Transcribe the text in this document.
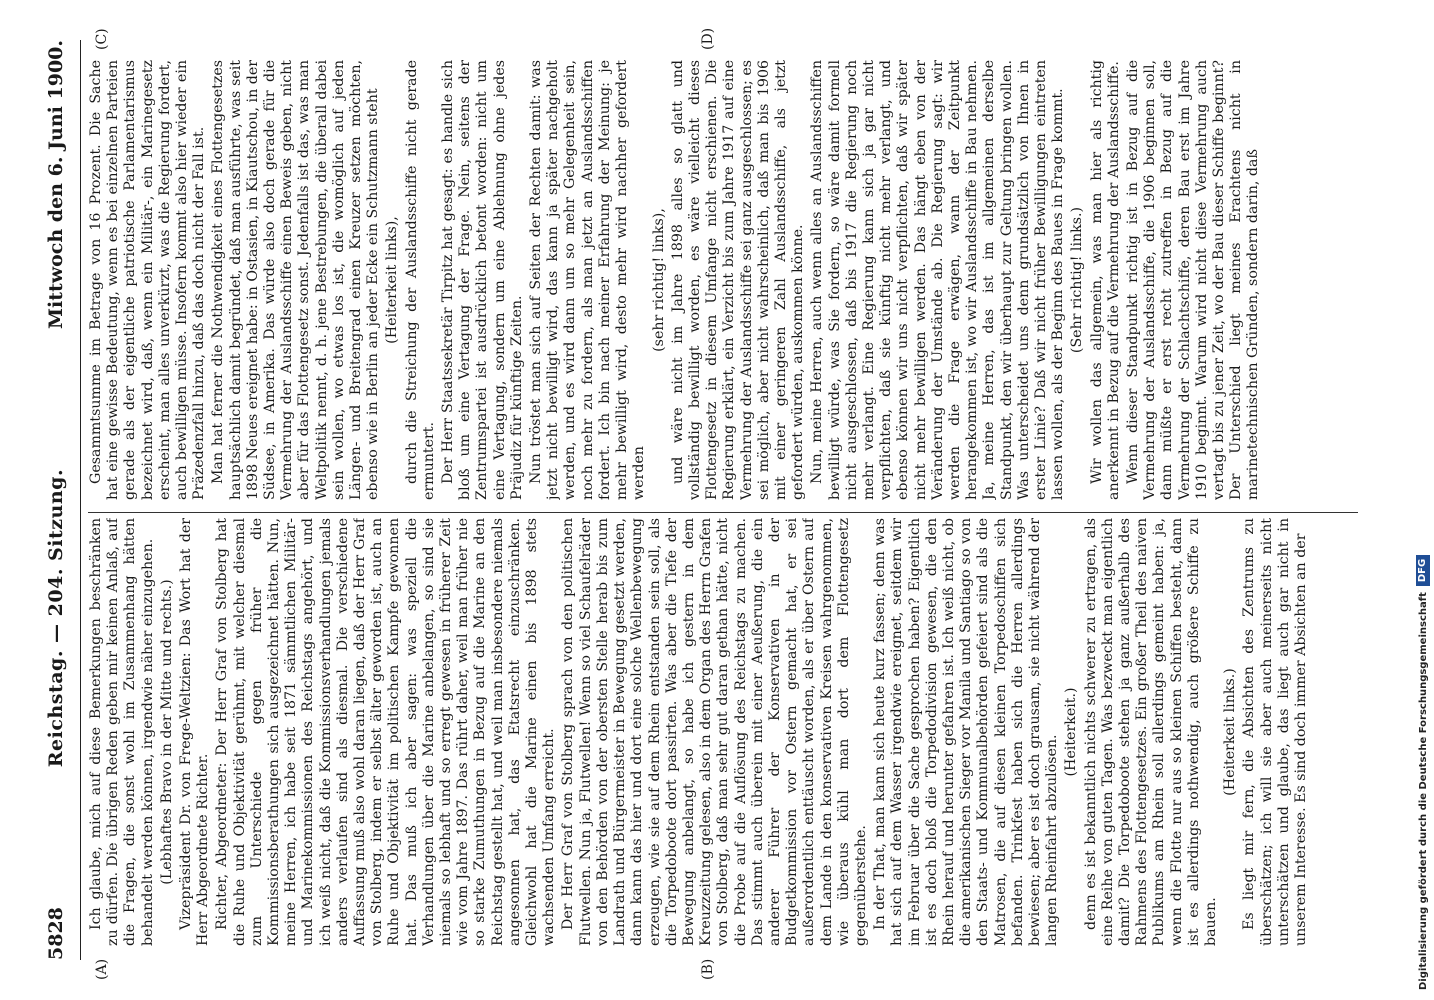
5828
Reichstag. — 204. Sitzung.
Mittwoch den 6. Juni 1900.
(A)	(B)
(C)	(D)

Ich glaube, mich auf diese Bemerkungen beschränken zu dürfen. Die übrigen Reden geben mir keinen Anlaß, auf die Fragen, die sonst wohl im Zusammenhang hätten behandelt werden können, irgendwie näher einzugehen. (Lebhaftes Bravo in der Mitte und rechts.) Vizepräsident Dr. von Frege-Weltzien: Das Wort hat der Herr Abgeordnete Richter. Richter, Abgeordneter: Der Herr Graf von Stolberg hat die Ruhe und Objektivität gerühmt, mit welcher diesmal zum Unterschiede gegen früher die Kommissionsberathungen sich ausgezeichnet hätten. Nun, meine Herren, ich habe seit 1871 sämmtlichen Militär- und Marinekommissionen des Reichstags angehört, und ich weiß nicht, daß die Kommissionsverhandlungen jemals anders verlaufen sind als diesmal. Die verschiedene Auffassung muß also wohl daran liegen, daß der Herr Graf von Stolberg, indem er selbst älter geworden ist, auch an Ruhe und Objektivität im politischen Kampfe gewonnen hat. Das muß ich aber sagen: was speziell die Verhandlungen über die Marine anbelangen, so sind sie niemals so lebhaft und so erregt gewesen in früherer Zeit wie vom Jahre 1897. Das rührt daher, weil man früher nie so starke Zumuthungen in Bezug auf die Marine an den Reichstag gestellt hat, und weil man insbesondere niemals angesonnen hat, das Etatsrecht einzuschränken. Gleichwohl hat die Marine einen bis 1898 stets wachsenden Umfang erreicht. Der Herr Graf von Stolberg sprach von den politischen Flutwellen. Nun ja, Flutwellen! Wenn so viel Schaufelräder von den Behörden von der obersten Stelle herab bis zum Landrath und Bürgermeister in Bewegung gesetzt werden, dann kann das hier und dort eine solche Wellenbewegung erzeugen, wie sie auf dem Rhein entstanden sein soll, als die Torpedoboote dort passirten. Was aber die Tiefe der Bewegung anbelangt, so habe ich gestern in dem Kreuzzeitung gelesen, also in dem Organ des Herrn Grafen von Stolberg, daß man sehr gut daran gethan hätte, nicht die Probe auf die Auflösung des Reichstags zu machen. Das stimmt auch überein mit einer Aeußerung, die ein anderer Führer der Konservativen in der Budgetkommission vor Ostern gemacht hat, er sei außerordentlich enttäuscht worden, als er über Ostern auf dem Lande in den konservativen Kreisen wahrgenommen, wie überaus kühl man dort dem Flottengesetz gegenüberstehe. In der That, man kann sich heute kurz fassen; denn was hat sich auf dem Wasser irgendwie ereignet, seitdem wir im Februar über die Sache gesprochen haben? Eigentlich ist es doch bloß die Torpedodivision gewesen, die den Rhein herauf und herunter gefahren ist. Ich weiß nicht, ob die amerikanischen Sieger vor Manila und Santiago so von den Staats- und Kommunalbehörden gefeiert sind als die Matrosen, die auf diesen kleinen Torpedoschiffen sich befanden. Trinkfest haben sich die Herren allerdings bewiesen; aber es ist doch grausam, sie nicht während der langen Rheinfahrt abzulösen.

(Heiterkeit.) denn es ist bekanntlich nichts schwerer zu ertragen, als eine Reihe von guten Tagen. Was bezweckt man eigentlich damit? Die Torpedoboote stehen ja ganz außerhalb des Rahmens des Flottengesetzes. Ein großer Theil des naiven Publikums am Rhein soll allerdings gemeint haben: ja, wenn die Flotte nur aus so kleinen Schiffen besteht, dann ist es allerdings nothwendig, auch größere Schiffe zu bauen.

(Heiterkeit links.) Es liegt mir fern, die Absichten des Zentrums zu überschätzen; ich will sie aber auch meinerseits nicht unterschätzen und glaube, das liegt auch gar nicht in unserem Interesse. Es sind doch immer Absichten an der

Gesammtsumme im Betrage von 16 Prozent. Die Sache hat eine gewisse Bedeutung, wenn es bei einzelnen Parteien gerade als der eigentliche patriotische Parlamentarismus bezeichnet wird, daß, wenn ein Militär-, ein Marinegesetz erscheint, man alles unverkürzt, was die Regierung fordert, auch bewilligen müsse. Insofern kommt also hier wieder ein Präzedenzfall hinzu, daß das doch nicht der Fall ist. Man hat ferner die Nothwendigkeit eines Flottengesetzes hauptsächlich damit begründet, daß man ausführte, was seit 1898 Neues ereignet habe: in Ostasien, in Kiautschou, in der Südsee, in Amerika. Das würde also doch gerade für die Vermehrung der Auslandsschiffe einen Beweis geben, nicht aber für das Flottengesetz sonst. Jedenfalls ist das, was man Weltpolitik nennt, d. h. jene Bestrebungen, die überall dabei sein wollen, wo etwas los ist, die womöglich auf jeden Längen- und Breitengrad einen Kreuzer setzen möchten, ebenso wie in Berlin an jeder Ecke ein Schutzmann steht (Heiterkeit links), durch die Streichung der Auslandsschiffe nicht gerade ermuntert. Der Herr Staatssekretär Tirpitz hat gesagt: es handle sich bloß um eine Vertagung der Frage. Nein, seitens der Zentrumspartei ist ausdrücklich betont worden: nicht um eine Vertagung, sondern um eine Ablehnung ohne jedes Präjudiz für künftige Zeiten. Nun tröstet man sich auf Seiten der Rechten damit: was jetzt nicht bewilligt wird, das kann ja später nachgeholt werden, und es wird dann um so mehr Gelegenheit sein, noch mehr zu fordern, als man jetzt an Auslandsschiffen fordert. Ich bin nach meiner Erfahrung der Meinung: je mehr bewilligt wird, desto mehr wird nachher gefordert werden

(sehr richtig! links), und wäre nicht im Jahre 1898 alles so glatt und vollständig bewilligt worden, es wäre vielleicht dieses Flottengesetz in diesem Umfange nicht erschienen. Die Regierung erklärt, ein Verzicht bis zum Jahre 1917 auf eine Vermehrung der Auslandsschiffe sei ganz ausgeschlossen; es sei möglich, aber nicht wahrscheinlich, daß man bis 1906 mit einer geringeren Zahl Auslandsschiffe, als jetzt gefordert würden, auskommen könne. Nun, meine Herren, auch wenn alles an Auslandsschiffen bewilligt würde, was Sie fordern, so wäre damit formell nicht ausgeschlossen, daß bis 1917 die Regierung noch mehr verlangt. Eine Regierung kann sich ja gar nicht verpflichten, daß sie künftig nicht mehr verlangt, und ebenso können wir uns nicht verpflichten, daß wir später nicht mehr bewilligen werden. Das hängt eben von der Veränderung der Umstände ab. Die Regierung sagt: wir werden die Frage erwägen, wann der Zeitpunkt herangekommen ist, wo wir Auslandsschiffe in Bau nehmen. Ja, meine Herren, das ist im allgemeinen derselbe Standpunkt, den wir überhaupt zur Geltung bringen wollen. Was unterscheidet uns denn grundsätzlich von Ihnen in erster Linie? Daß wir nicht früher Bewilligungen eintreten lassen wollen, als der Beginn des Baues in Frage kommt. (Sehr richtig! links.) Wir wollen das allgemein, was man hier als richtig anerkennt in Bezug auf die Vermehrung der Auslandsschiffe. Wenn dieser Standpunkt richtig ist in Bezug auf die Vermehrung der Auslandsschiffe, die 1906 beginnen soll, dann müßte er erst recht zutreffen in Bezug auf die Vermehrung der Schlachtschiffe, deren Bau erst im Jahre 1910 beginnt. Warum wird nicht diese Vermehrung auch vertagt bis zu jener Zeit, wo der Bau dieser Schiffe beginnt? Der Unterschied liegt meines Erachtens nicht in marinetechnischen Gründen, sondern darin, daß

Digitalisierung gefördert durch die Deutsche Forschungsgemeinschaft
DFG
